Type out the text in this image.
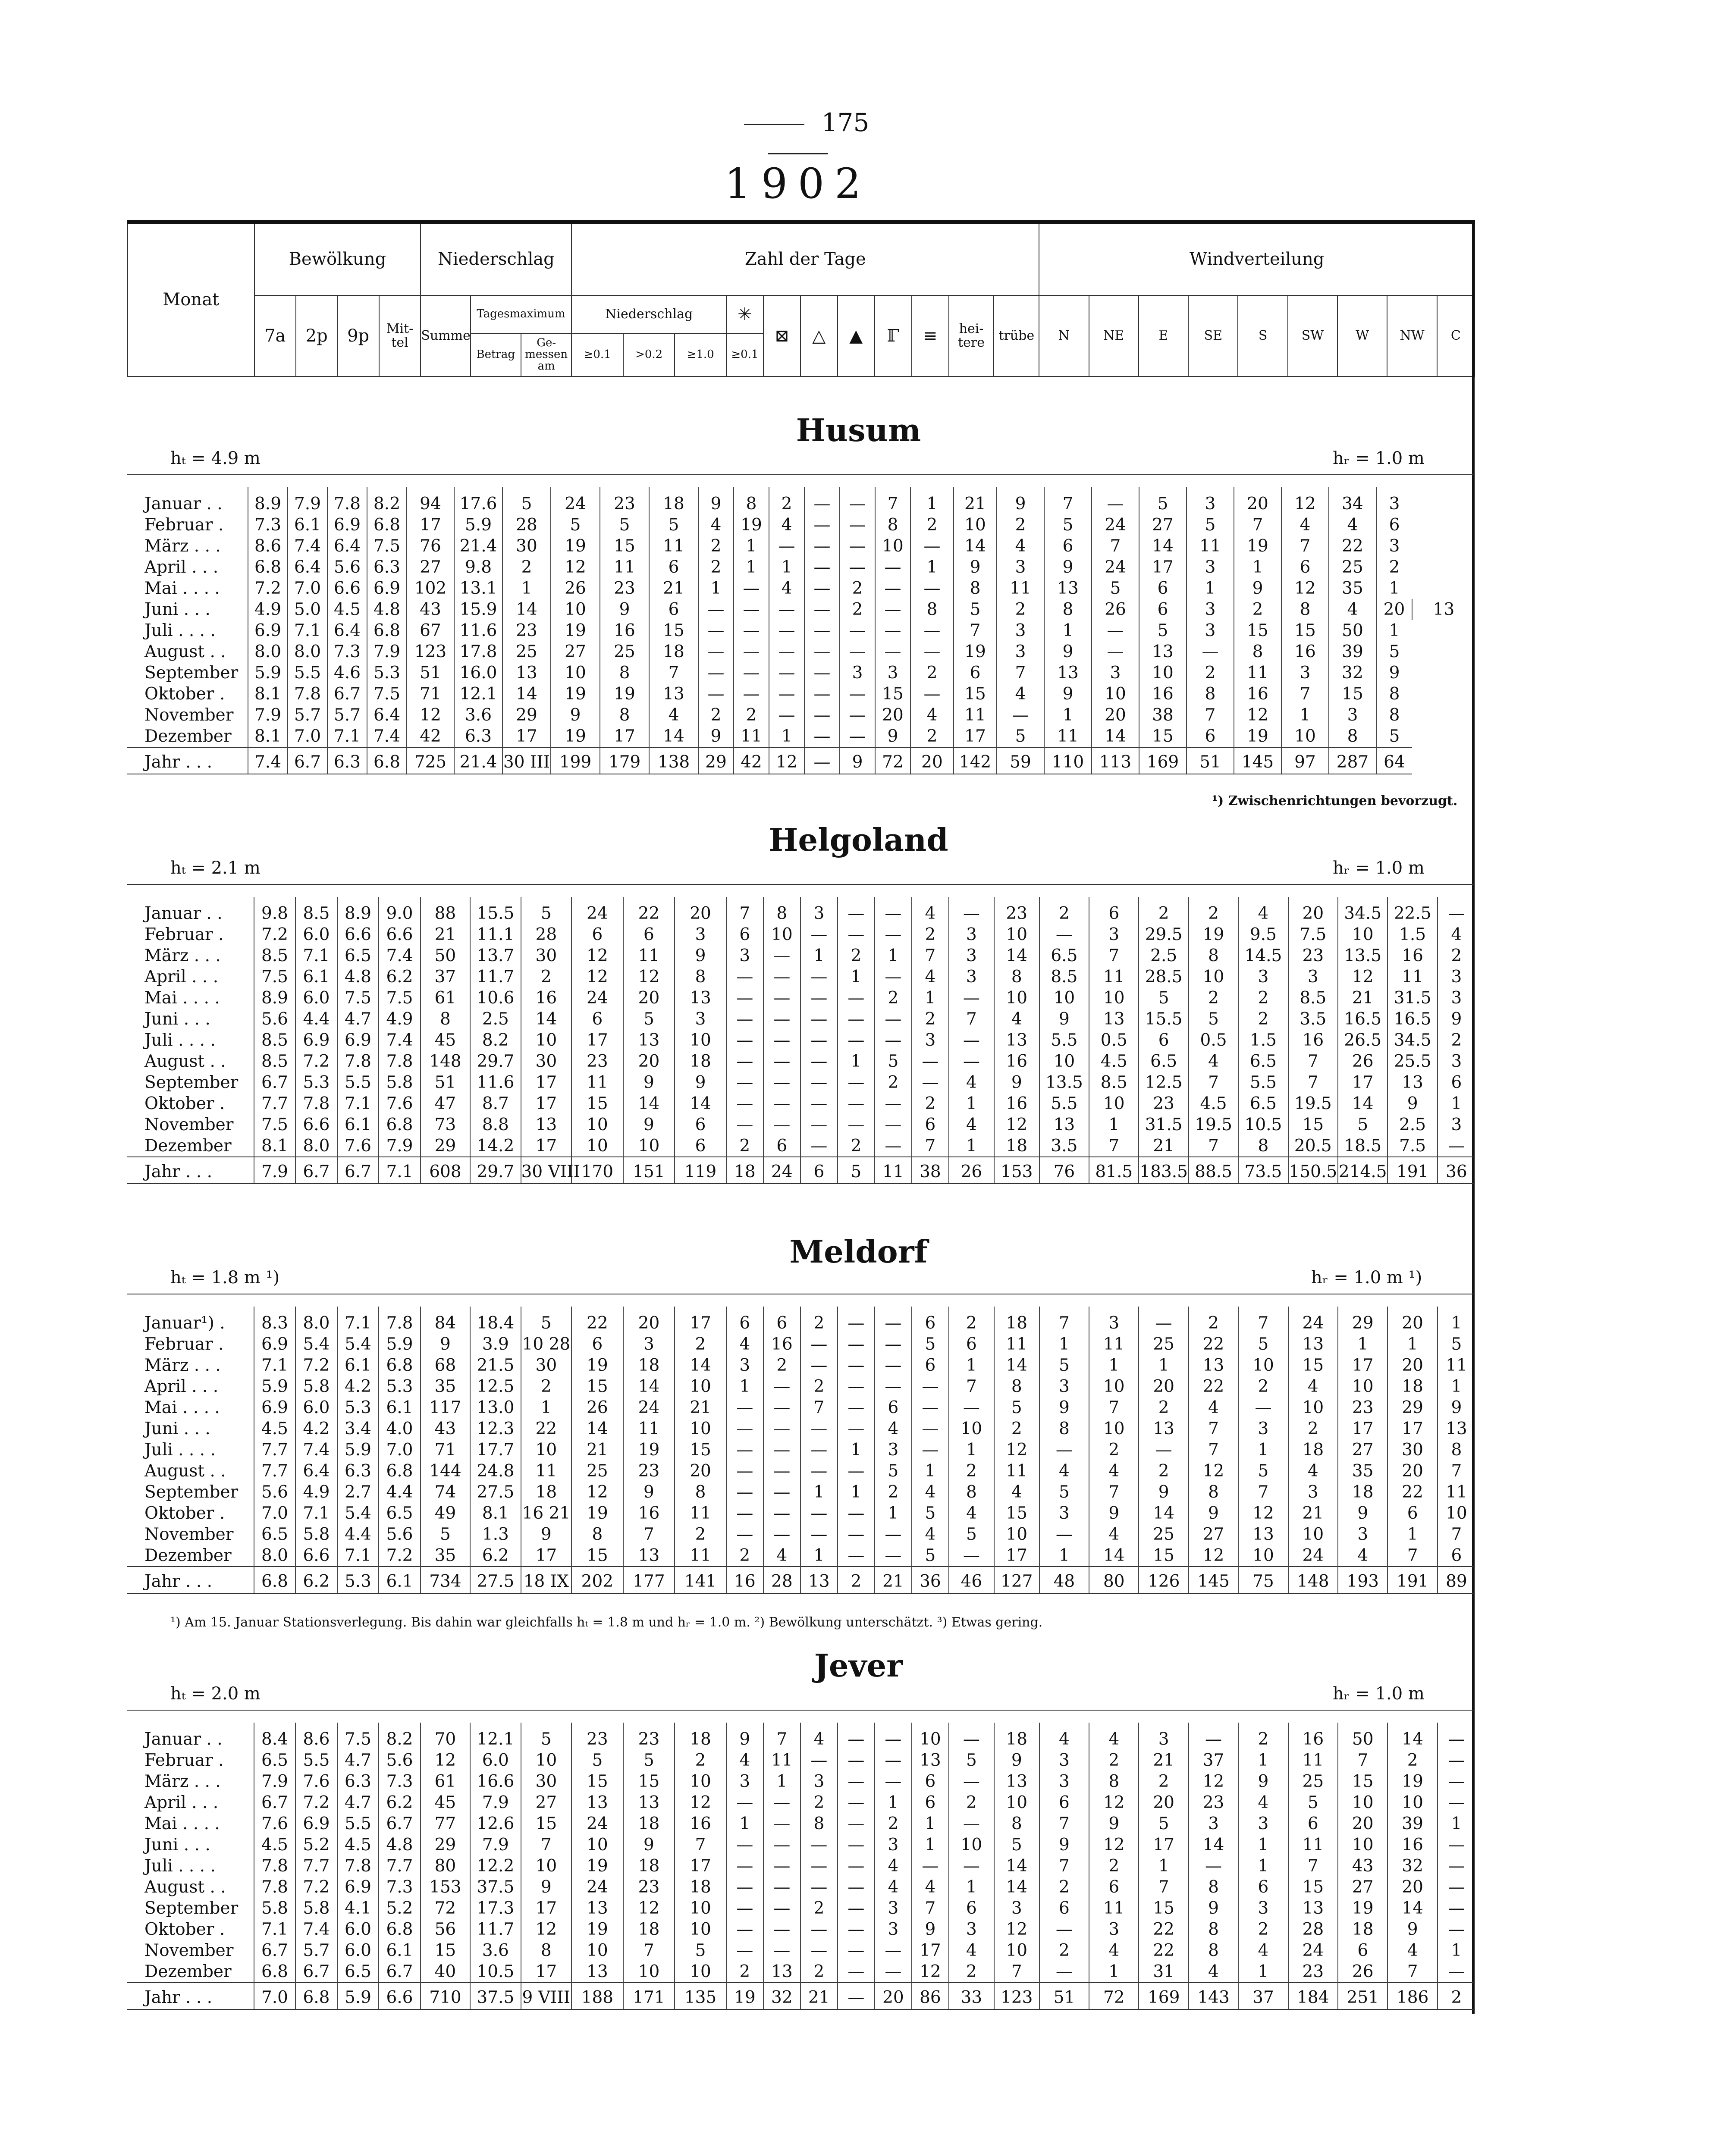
175
1902
Monat	Bewölkung				Niederschlag			Zahl der Tage											Windverteilung								
	7a	2p	9p	Mit-tel	Summe	Tagesmaximum		Niederschlag			✳	⊠	△	▲	ℾ	≡	hei-tere	trübe	N	NE	E	SE	S	SW	W	NW	C
						Betrag	Ge-messen am	≥0.1	>0.2	≥1.0	≥0.1																
Husum
hₜ = 4.9 m	hᵣ = 1.0 m
Januar . .	8.9	7.9	7.8	8.2	94	17.6	5	24	23	18	9	8	2	—	—	7	1	21	9	7	—	5	3	20	12	34	3	
Februar .	7.3	6.1	6.9	6.8	17	5.9	28	5	5	5	4	19	4	—	—	8	2	10	2	5	24	27	5	7	4	4	6	
März . . .	8.6	7.4	6.4	7.5	76	21.4	30	19	15	11	2	1	—	—	—	10	—	14	4	6	7	14	11	19	7	22	3	
April . . .	6.8	6.4	5.6	6.3	27	9.8	2	12	11	6	2	1	1	—	—	—	1	9	3	9	24	17	3	1	6	25	2	
Mai . . . .	7.2	7.0	6.6	6.9	102	13.1	1	26	23	21	1	—	4	—	2	—	—	8	11	13	5	6	1	9	12	35	1	
Juni . . .	4.9	5.0	4.5	4.8	43	15.9	14	10	9	6	—	—	—	—	2	—	8	5	2	8	26	6	3	2	8	4	20	13
Juli . . . .	6.9	7.1	6.4	6.8	67	11.6	23	19	16	15	—	—	—	—	—	—	—	7	3	1	—	5	3	15	15	50	1	
August . .	8.0	8.0	7.3	7.9	123	17.8	25	27	25	18	—	—	—	—	—	—	—	19	3	9	—	13	—	8	16	39	5	
September	5.9	5.5	4.6	5.3	51	16.0	13	10	8	7	—	—	—	—	3	3	2	6	7	13	3	10	2	11	3	32	9	
Oktober .	8.1	7.8	6.7	7.5	71	12.1	14	19	19	13	—	—	—	—	—	15	—	15	4	9	10	16	8	16	7	15	8	
November	7.9	5.7	5.7	6.4	12	3.6	29	9	8	4	2	2	—	—	—	20	4	11	—	1	20	38	7	12	1	3	8	
Dezember	8.1	7.0	7.1	7.4	42	6.3	17	19	17	14	9	11	1	—	—	9	2	17	5	11	14	15	6	19	10	8	5	
Jahr . . .	7.4	6.7	6.3	6.8	725	21.4	30 III	199	179	138	29	42	12	—	9	72	20	142	59	110	113	169	51	145	97	287	64	
¹) Zwischenrichtungen bevorzugt.
Helgoland
hₜ = 2.1 m	hᵣ = 1.0 m
Januar . .	9.8	8.5	8.9	9.0	88	15.5	5	24	22	20	7	8	3	—	—	4	—	23	2	6	2	2	4	20	34.5	22.5	—
Februar .	7.2	6.0	6.6	6.6	21	11.1	28	6	6	3	6	10	—	—	—	2	3	10	—	3	29.5	19	9.5	7.5	10	1.5	4
März . . .	8.5	7.1	6.5	7.4	50	13.7	30	12	11	9	3	—	1	2	1	7	3	14	6.5	7	2.5	8	14.5	23	13.5	16	2
April . . .	7.5	6.1	4.8	6.2	37	11.7	2	12	12	8	—	—	—	1	—	4	3	8	8.5	11	28.5	10	3	3	12	11	3
Mai . . . .	8.9	6.0	7.5	7.5	61	10.6	16	24	20	13	—	—	—	—	2	1	—	10	10	10	5	2	2	8.5	21	31.5	3
Juni . . .	5.6	4.4	4.7	4.9	8	2.5	14	6	5	3	—	—	—	—	—	2	7	4	9	13	15.5	5	2	3.5	16.5	16.5	9
Juli . . . .	8.5	6.9	6.9	7.4	45	8.2	10	17	13	10	—	—	—	—	—	3	—	13	5.5	0.5	6	0.5	1.5	16	26.5	34.5	2
August . .	8.5	7.2	7.8	7.8	148	29.7	30	23	20	18	—	—	—	1	5	—	—	16	10	4.5	6.5	4	6.5	7	26	25.5	3
September	6.7	5.3	5.5	5.8	51	11.6	17	11	9	9	—	—	—	—	2	—	4	9	13.5	8.5	12.5	7	5.5	7	17	13	6
Oktober .	7.7	7.8	7.1	7.6	47	8.7	17	15	14	14	—	—	—	—	—	2	1	16	5.5	10	23	4.5	6.5	19.5	14	9	1
November	7.5	6.6	6.1	6.8	73	8.8	13	10	9	6	—	—	—	—	—	6	4	12	13	1	31.5	19.5	10.5	15	5	2.5	3
Dezember	8.1	8.0	7.6	7.9	29	14.2	17	10	10	6	2	6	—	2	—	7	1	18	3.5	7	21	7	8	20.5	18.5	7.5	—
Jahr . . .	7.9	6.7	6.7	7.1	608	29.7	30 VIII	170	151	119	18	24	6	5	11	38	26	153	76	81.5	183.5	88.5	73.5	150.5	214.5	191	36
Meldorf
hₜ = 1.8 m ¹)	hᵣ = 1.0 m ¹)
Januar¹) .	8.3	8.0	7.1	7.8	84	18.4	5	22	20	17	6	6	2	—	—	6	2	18	7	3	—	2	7	24	29	20	1
Februar .	6.9	5.4	5.4	5.9	9	3.9	10 28	6	3	2	4	16	—	—	—	5	6	11	1	11	25	22	5	13	1	1	5
März . . .	7.1	7.2	6.1	6.8	68	21.5	30	19	18	14	3	2	—	—	—	6	1	14	5	1	1	13	10	15	17	20	11
April . . .	5.9	5.8	4.2	5.3	35	12.5	2	15	14	10	1	—	2	—	—	—	7	8	3	10	20	22	2	4	10	18	1
Mai . . . .	6.9	6.0	5.3	6.1	117	13.0	1	26	24	21	—	—	7	—	6	—	—	5	9	7	2	4	—	10	23	29	9
Juni . . .	4.5	4.2	3.4	4.0	43	12.3	22	14	11	10	—	—	—	—	4	—	10	2	8	10	13	7	3	2	17	17	13
Juli . . . .	7.7	7.4	5.9	7.0	71	17.7	10	21	19	15	—	—	—	1	3	—	1	12	—	2	—	7	1	18	27	30	8
August . .	7.7	6.4	6.3	6.8	144	24.8	11	25	23	20	—	—	—	—	5	1	2	11	4	4	2	12	5	4	35	20	7
September	5.6	4.9	2.7	4.4	74	27.5	18	12	9	8	—	—	1	1	2	4	8	4	5	7	9	8	7	3	18	22	11
Oktober .	7.0	7.1	5.4	6.5	49	8.1	16 21	19	16	11	—	—	—	—	1	5	4	15	3	9	14	9	12	21	9	6	10
November	6.5	5.8	4.4	5.6	5	1.3	9	8	7	2	—	—	—	—	—	4	5	10	—	4	25	27	13	10	3	1	7
Dezember	8.0	6.6	7.1	7.2	35	6.2	17	15	13	11	2	4	1	—	—	5	—	17	1	14	15	12	10	24	4	7	6
Jahr . . .	6.8	6.2	5.3	6.1	734	27.5	18 IX	202	177	141	16	28	13	2	21	36	46	127	48	80	126	145	75	148	193	191	89
¹) Am 15. Januar Stationsverlegung. Bis dahin war gleichfalls hₜ = 1.8 m und hᵣ = 1.0 m. ²) Bewölkung unterschätzt. ³) Etwas gering.
Jever
hₜ = 2.0 m	hᵣ = 1.0 m
Januar . .	8.4	8.6	7.5	8.2	70	12.1	5	23	23	18	9	7	4	—	—	10	—	18	4	4	3	—	2	16	50	14	—
Februar .	6.5	5.5	4.7	5.6	12	6.0	10	5	5	2	4	11	—	—	—	13	5	9	3	2	21	37	1	11	7	2	—
März . . .	7.9	7.6	6.3	7.3	61	16.6	30	15	15	10	3	1	3	—	—	6	—	13	3	8	2	12	9	25	15	19	—
April . . .	6.7	7.2	4.7	6.2	45	7.9	27	13	13	12	—	—	2	—	1	6	2	10	6	12	20	23	4	5	10	10	—
Mai . . . .	7.6	6.9	5.5	6.7	77	12.6	15	24	18	16	1	—	8	—	2	1	—	8	7	9	5	3	3	6	20	39	1
Juni . . .	4.5	5.2	4.5	4.8	29	7.9	7	10	9	7	—	—	—	—	3	1	10	5	9	12	17	14	1	11	10	16	—
Juli . . . .	7.8	7.7	7.8	7.7	80	12.2	10	19	18	17	—	—	—	—	4	—	—	14	7	2	1	—	1	7	43	32	—
August . .	7.8	7.2	6.9	7.3	153	37.5	9	24	23	18	—	—	—	—	4	4	1	14	2	6	7	8	6	15	27	20	—
September	5.8	5.8	4.1	5.2	72	17.3	17	13	12	10	—	—	2	—	3	7	6	3	6	11	15	9	3	13	19	14	—
Oktober .	7.1	7.4	6.0	6.8	56	11.7	12	19	18	10	—	—	—	—	3	9	3	12	—	3	22	8	2	28	18	9	—
November	6.7	5.7	6.0	6.1	15	3.6	8	10	7	5	—	—	—	—	—	17	4	10	2	4	22	8	4	24	6	4	1
Dezember	6.8	6.7	6.5	6.7	40	10.5	17	13	10	10	2	13	2	—	—	12	2	7	—	1	31	4	1	23	26	7	—
Jahr . . .	7.0	6.8	5.9	6.6	710	37.5	9 VIII	188	171	135	19	32	21	—	20	86	33	123	51	72	169	143	37	184	251	186	2
